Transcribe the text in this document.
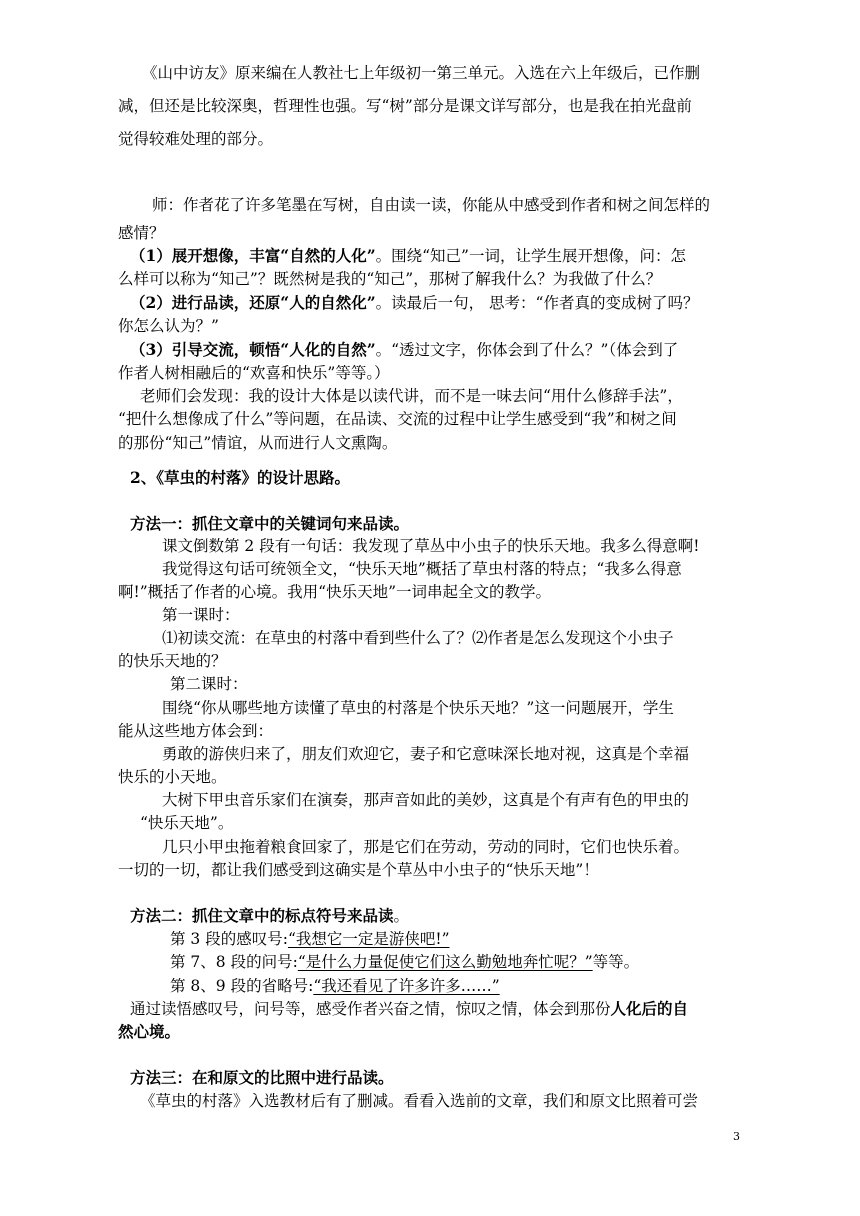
《山中访友》原来编在人教社七上年级初一第三单元。入选在六上年级后，已作删
减，但还是比较深奥，哲理性也强。写“树”部分是课文详写部分，也是我在拍光盘前
觉得较难处理的部分。
师：作者花了许多笔墨在写树，自由读一读，你能从中感受到作者和树之间怎样的
感情？
（1）展开想像，丰富“自然的人化”。围绕“知己”一词，让学生展开想像，问：怎
么样可以称为“知己”？既然树是我的“知己”，那树了解我什么？为我做了什么？
（2）进行品读，还原“人的自然化”。读最后一句， 思考：“作者真的变成树了吗？
你怎么认为？”
（3）引导交流，顿悟“人化的自然”。“透过文字，你体会到了什么？”（体会到了
作者人树相融后的“欢喜和快乐”等等。）
老师们会发现：我的设计大体是以读代讲，而不是一味去问“用什么修辞手法”，
“把什么想像成了什么”等问题，在品读、交流的过程中让学生感受到“我”和树之间
的那份“知己”情谊，从而进行人文熏陶。
2、《草虫的村落》的设计思路。
方法一：抓住文章中的关键词句来品读。
课文倒数第 2 段有一句话：我发现了草丛中小虫子的快乐天地。我多么得意啊!
我觉得这句话可统领全文，“快乐天地”概括了草虫村落的特点；“我多么得意
啊!”概括了作者的心境。我用“快乐天地”一词串起全文的教学。
第一课时：
⑴初读交流：在草虫的村落中看到些什么了？⑵作者是怎么发现这个小虫子
的快乐天地的？
第二课时：
围绕“你从哪些地方读懂了草虫的村落是个快乐天地？”这一问题展开，学生
能从这些地方体会到：
勇敢的游侠归来了，朋友们欢迎它，妻子和它意味深长地对视，这真是个幸福
快乐的小天地。
大树下甲虫音乐家们在演奏，那声音如此的美妙，这真是个有声有色的甲虫的
“快乐天地”。
几只小甲虫拖着粮食回家了，那是它们在劳动，劳动的同时，它们也快乐着。
一切的一切，都让我们感受到这确实是个草丛中小虫子的“快乐天地”！
方法二：抓住文章中的标点符号来品读。
第 3 段的感叹号:“我想它一定是游侠吧!”
第 7、8 段的问号:“是什么力量促使它们这么勤勉地奔忙呢？”等等。
第 8、9 段的省略号:“我还看见了许多许多……”
通过读悟感叹号，问号等，感受作者兴奋之情，惊叹之情，体会到那份人化后的自
然心境。
方法三：在和原文的比照中进行品读。
《草虫的村落》入选教材后有了删减。看看入选前的文章，我们和原文比照着可尝
3
